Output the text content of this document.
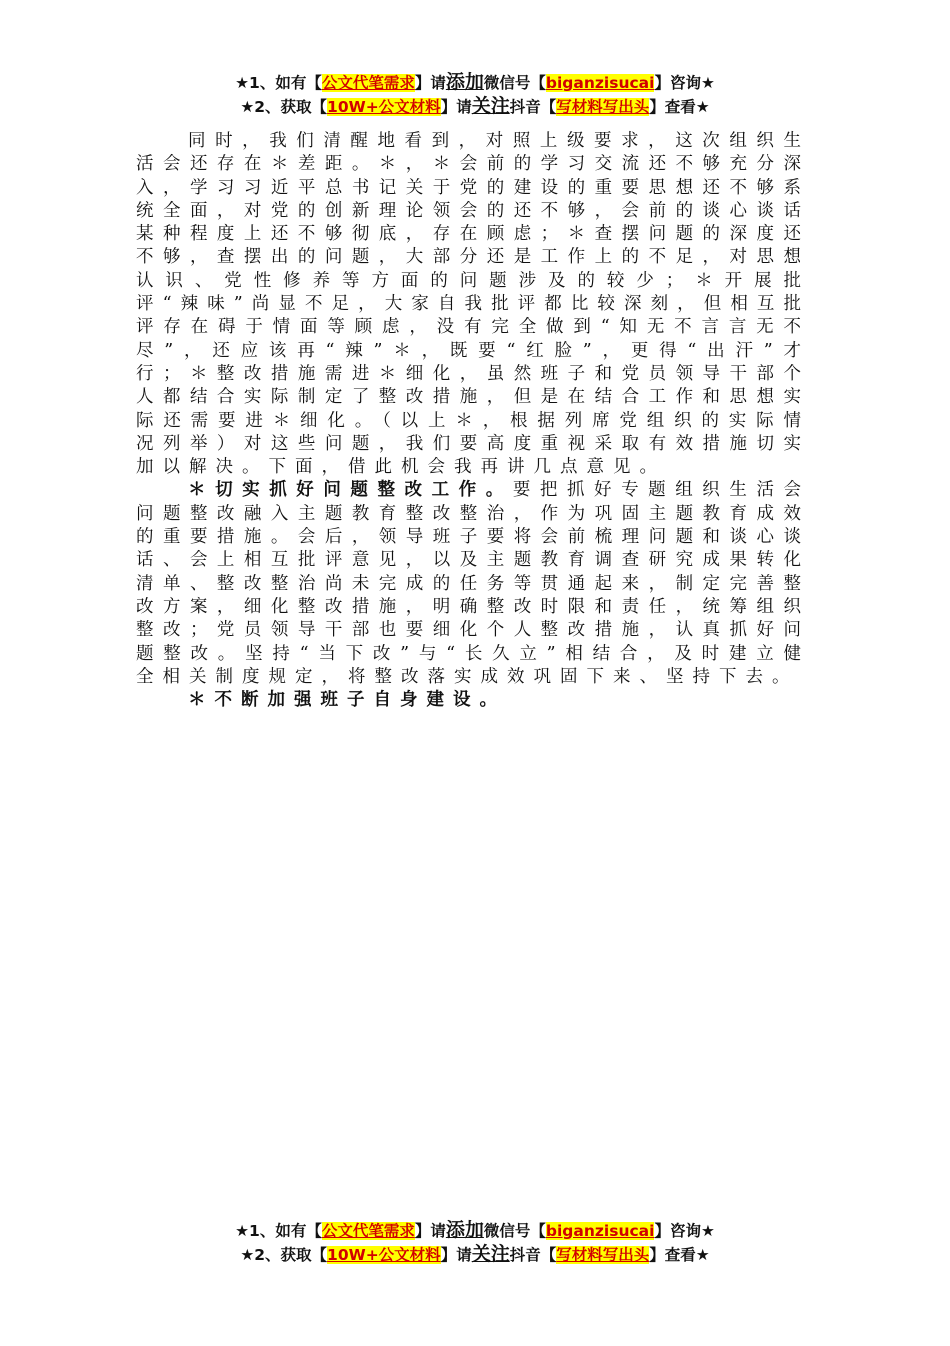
★1、如有【公文代笔需求】请添加微信号【biganzisucai】咨询★
★2、获取【10W+公文材料】请关注抖音【写材料写出头】查看★

同时，我们清醒地看到，对照上级要求，这次组织生活会还存在＊差距。＊，＊会前的学习交流还不够充分深入，学习习近平总书记关于党的建设的重要思想还不够系统全面，对党的创新理论领会的还不够，会前的谈心谈话某种程度上还不够彻底，存在顾虑；＊查摆问题的深度还不够，查摆出的问题，大部分还是工作上的不足，对思想认识、党性修养等方面的问题涉及的较少；＊开展批评“辣味”尚显不足，大家自我批评都比较深刻，但相互批评存在碍于情面等顾虑，没有完全做到“知无不言言无不尽”，还应该再“辣”＊，既要“红脸”，更得“出汗”才行；＊整改措施需进＊细化，虽然班子和党员领导干部个人都结合实际制定了整改措施，但是在结合工作和思想实际还需要进＊细化。（以上＊，根据列席党组织的实际情况列举）对这些问题，我们要高度重视采取有效措施切实加以解决。下面，借此机会我再讲几点意见。

＊切实抓好问题整改工作。要把抓好专题组织生活会问题整改融入主题教育整改整治，作为巩固主题教育成效的重要措施。会后，领导班子要将会前梳理问题和谈心谈话、会上相互批评意见，以及主题教育调查研究成果转化清单、整改整治尚未完成的任务等贯通起来，制定完善整改方案，细化整改措施，明确整改时限和责任，统筹组织整改；党员领导干部也要细化个人整改措施，认真抓好问题整改。坚持“当下改”与“长久立”相结合，及时建立健全相关制度规定，将整改落实成效巩固下来、坚持下去。

＊不断加强班子自身建设。

★1、如有【公文代笔需求】请添加微信号【biganzisucai】咨询★
★2、获取【10W+公文材料】请关注抖音【写材料写出头】查看★
